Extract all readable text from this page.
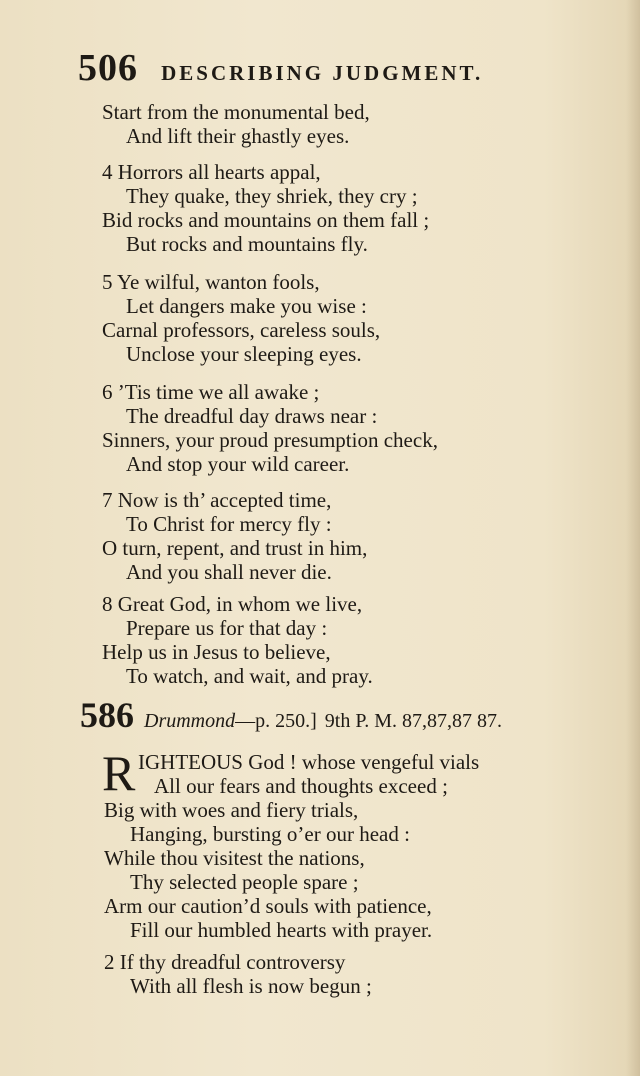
506 DESCRIBING JUDGMENT.
Start from the monumental bed,
And lift their ghastly eyes.
4 Horrors all hearts appal,
They quake, they shriek, they cry ;
Bid rocks and mountains on them fall ;
But rocks and mountains fly.
5 Ye wilful, wanton fools,
Let dangers make you wise :
Carnal professors, careless souls,
Unclose your sleeping eyes.
6 ’Tis time we all awake ;
The dreadful day draws near :
Sinners, your proud presumption check,
And stop your wild career.
7 Now is th’ accepted time,
To Christ for mercy fly :
O turn, repent, and trust in him,
And you shall never die.
8 Great God, in whom we live,
Prepare us for that day :
Help us in Jesus to believe,
To watch, and wait, and pray.
586 Drummond—p. 250.] 9th P. M. 87,87,87 87.
R IGHTEOUS God ! whose vengeful vials
All our fears and thoughts exceed ;
Big with woes and fiery trials,
Hanging, bursting o’er our head :
While thou visitest the nations,
Thy selected people spare ;
Arm our caution’d souls with patience,
Fill our humbled hearts with prayer.
2 If thy dreadful controversy
With all flesh is now begun ;
